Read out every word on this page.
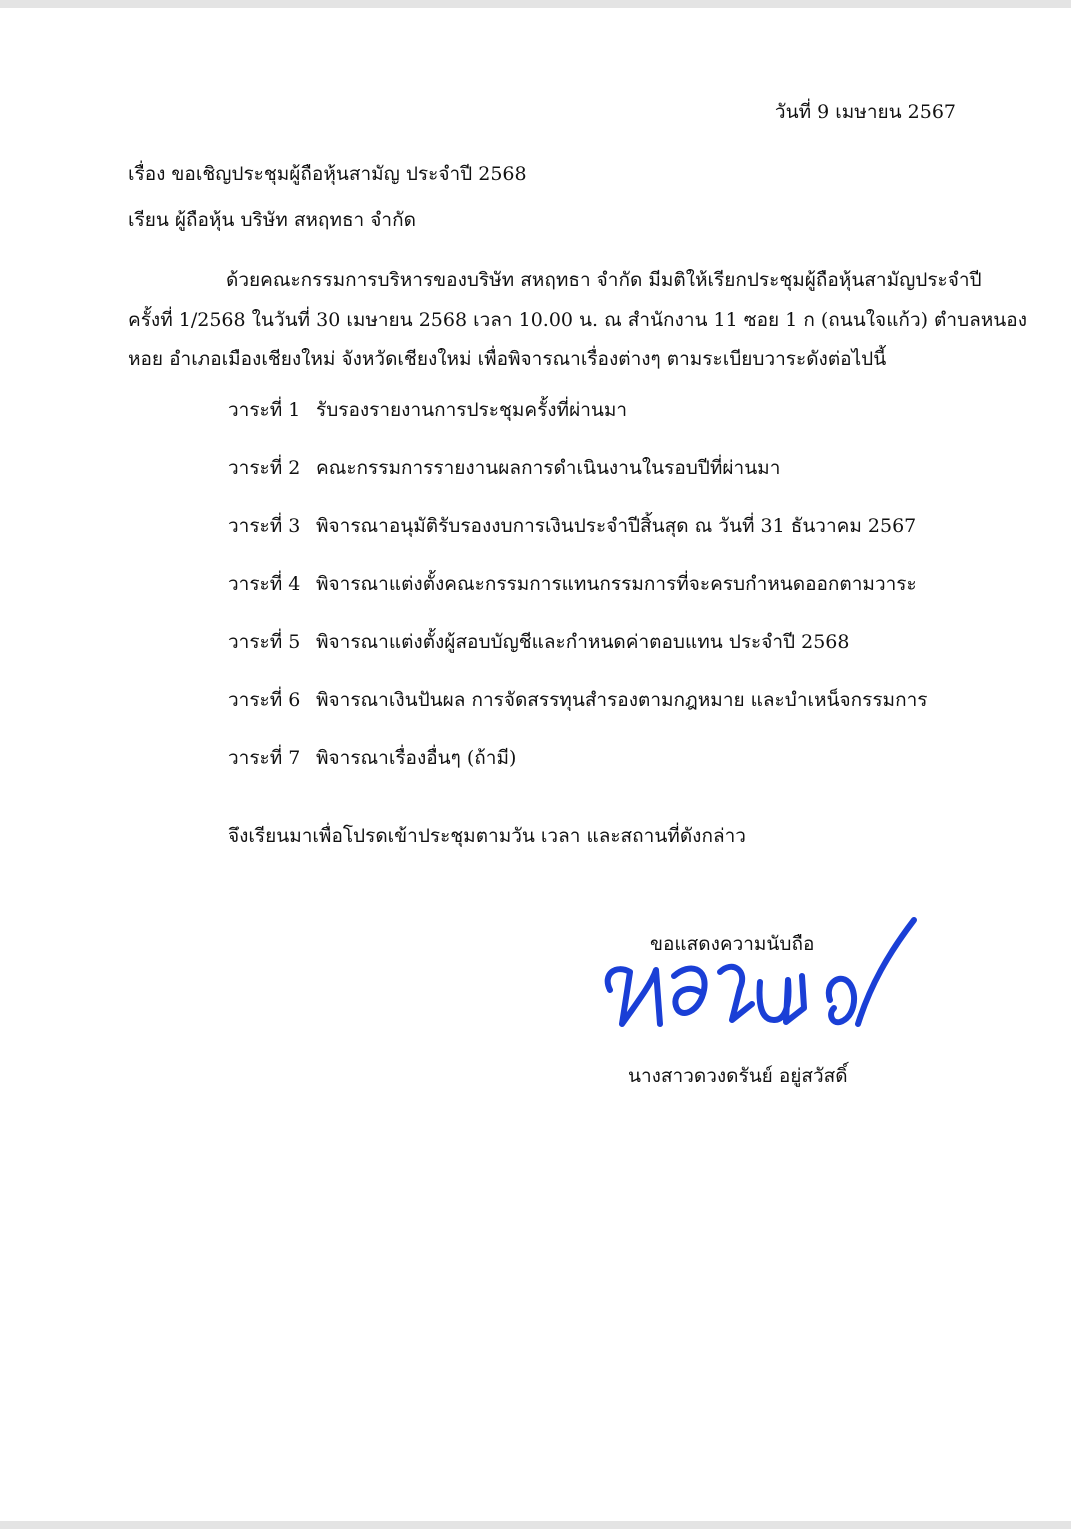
วันที่ 9 เมษายน 2567
เรื่อง ขอเชิญประชุมผู้ถือหุ้นสามัญ ประจำปี 2568
เรียน ผู้ถือหุ้น บริษัท สหฤทธา จำกัด
ด้วยคณะกรรมการบริหารของบริษัท สหฤทธา จำกัด มีมติให้เรียกประชุมผู้ถือหุ้นสามัญประจำปี
ครั้งที่ 1/2568 ในวันที่ 30 เมษายน 2568 เวลา 10.00 น. ณ สำนักงาน 11 ซอย 1 ก (ถนนใจแก้ว) ตำบลหนอง
หอย อำเภอเมืองเชียงใหม่ จังหวัดเชียงใหม่ เพื่อพิจารณาเรื่องต่างๆ ตามระเบียบวาระดังต่อไปนี้
วาระที่ 1 รับรองรายงานการประชุมครั้งที่ผ่านมา
วาระที่ 2 คณะกรรมการรายงานผลการดำเนินงานในรอบปีที่ผ่านมา
วาระที่ 3 พิจารณาอนุมัติรับรองงบการเงินประจำปีสิ้นสุด ณ วันที่ 31 ธันวาคม 2567
วาระที่ 4 พิจารณาแต่งตั้งคณะกรรมการแทนกรรมการที่จะครบกำหนดออกตามวาระ
วาระที่ 5 พิจารณาแต่งตั้งผู้สอบบัญชีและกำหนดค่าตอบแทน ประจำปี 2568
วาระที่ 6 พิจารณาเงินปันผล การจัดสรรทุนสำรองตามกฎหมาย และบำเหน็จกรรมการ
วาระที่ 7 พิจารณาเรื่องอื่นๆ (ถ้ามี)
จึงเรียนมาเพื่อโปรดเข้าประชุมตามวัน เวลา และสถานที่ดังกล่าว
ขอแสดงความนับถือ
นางสาวดวงดรันย์ อยู่สวัสดิ์
